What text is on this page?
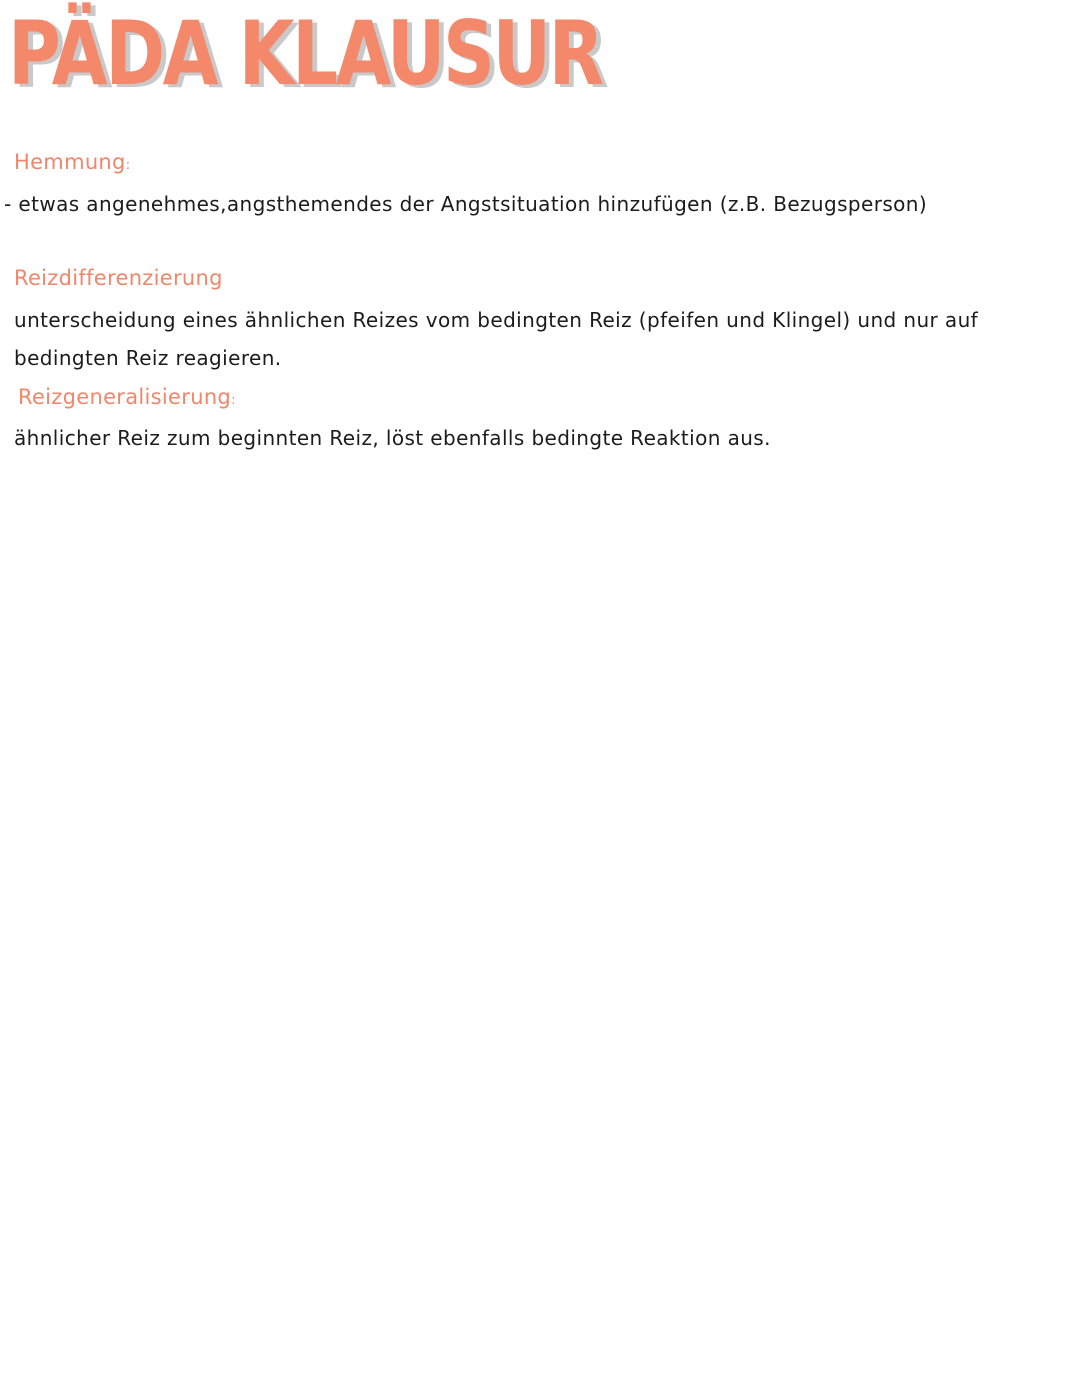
PÄDA KLAUSUR
Hemmung:

- etwas angenehmes,angsthemendes der Angstsituation hinzufügen (z.B. Bezugsperson)

Reizdifferenzierung

unterscheidung eines ähnlichen Reizes vom bedingten Reiz (pfeifen und Klingel) und nur auf

bedingten Reiz reagieren.

Reizgeneralisierung:

ähnlicher Reiz zum beginnten Reiz, löst ebenfalls bedingte Reaktion aus.
